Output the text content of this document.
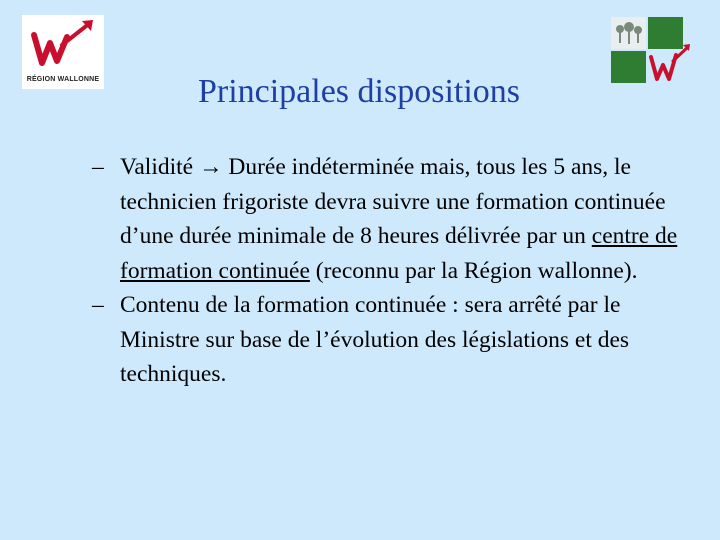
RÉGION WALLONNE	Principales dispositions
– Validité → Durée indéterminée mais, tous les 5 ans, le technicien frigoriste devra suivre une formation continuée d’une durée minimale de 8 heures délivrée par un centre de formation continuée (reconnu par la Région wallonne).
– Contenu de la formation continuée : sera arrêté par le Ministre sur base de l’évolution des législations et des techniques.
